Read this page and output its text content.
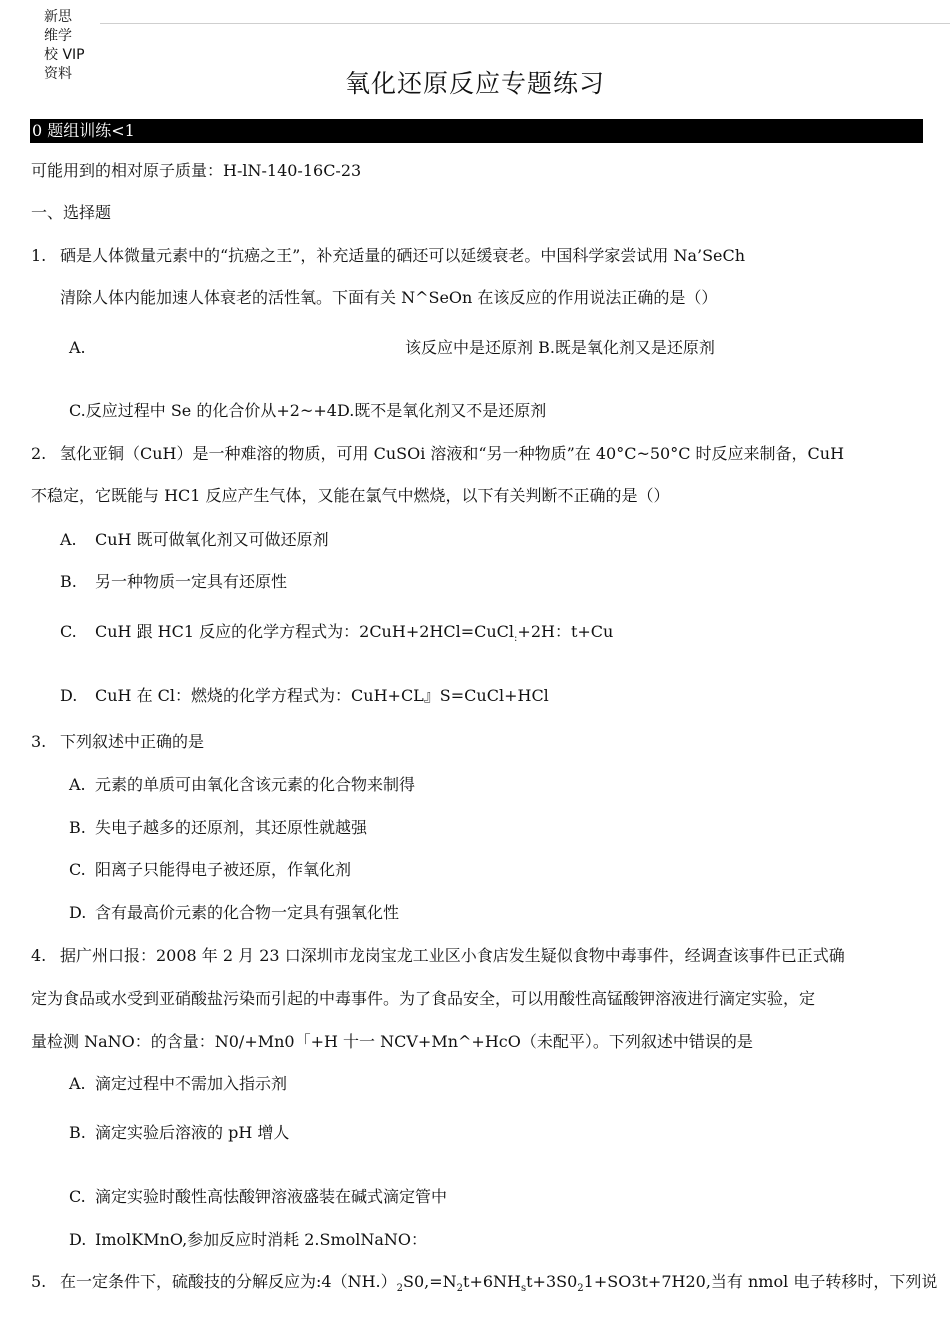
新思
维学
校 VIP
资料	氧化还原反应专题练习
0 题组训练<1
可能用到的相对原子质量：H-lN-140-16C-23
一、选择题
1. 硒是人体微量元素中的“抗癌之王”，补充适量的硒还可以延缓衰老。中国科学家尝试用 Na’SeCh
清除人体内能加速人体衰老的活性氧。下面有关 N^SeOn 在该反应的作用说法正确的是（）
A.	该反应中是还原剂 B.既是氧化剂又是还原剂
C.反应过程中 Se 的化合价从+2~+4D.既不是氧化剂又不是还原剂
2. 氢化亚铜（CuH）是一种难溶的物质，可用 CuSOi 溶液和“另一种物质”在 40°C~50°C 时反应来制备，CuH
不稳定，它既能与 HC1 反应产生气体，又能在氯气中燃烧，以下有关判断不正确的是（）
A. CuH 既可做氧化剂又可做还原剂
B. 另一种物质一定具有还原性
C. CuH 跟 HC1 反应的化学方程式为：2CuH+2HCl=CuCl$_:$+2H：t+Cu
D. CuH 在 Cl：燃烧的化学方程式为：CuH+CL』S=CuCl+HCl
3. 下列叙述中正确的是
A. 元素的单质可由氧化含该元素的化合物来制得
B. 失电子越多的还原剂，其还原性就越强
C. 阳离子只能得电子被还原，作氧化剂
D. 含有最高价元素的化合物一定具有强氧化性
4. 据广州口报：2008 年 2 月 23 口深圳市龙岗宝龙工业区小食店发生疑似食物中毒事件，经调查该事件已正式确
定为食品或水受到亚硝酸盐污染而引起的中毒事件。为了食品安全，可以用酸性高锰酸钾溶液进行滴定实验，定
量检测 NaNO：的含量：N0/+Mn0「+H 十一 NCV+Mn^+HcO（未配平）。下列叙述中错误的是
A. 滴定过程中不需加入指示剂
B. 滴定实验后溶液的 pH 增人
C. 滴定实验时酸性高怯酸钾溶液盛装在碱式滴定管中
D. ImolKMnO,参加反应时消耗 2.SmolNaNO：
5. 在一定条件下，硫酸技的分解反应为$:4(NH.)_2S0,=N_2t+6NH_st+3S0_21+SO3t+7H20$,当有 nmol 电子转移时，下列说
